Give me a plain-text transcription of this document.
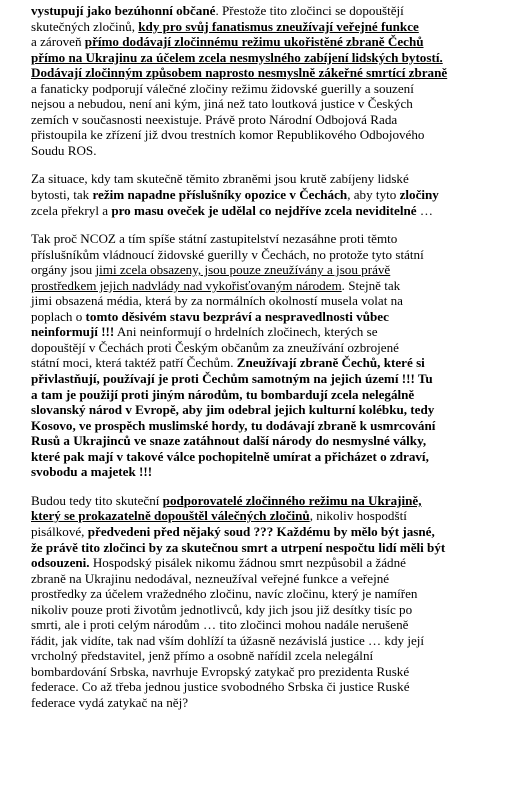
vystupují jako bezúhonní občané. Přestože tito zločinci se dopouštějí
skutečných zločinů, kdy pro svůj fanatismus zneužívají veřejné funkce
a zároveň přímo dodávají zločinnému režimu ukořistěné zbraně Čechů
přímo na Ukrajinu za účelem zcela nesmyslného zabíjení lidských bytostí.
Dodávají zločinným způsobem naprosto nesmyslně zákeřné smrtící zbraně
a fanaticky podporují válečné zločiny režimu židovské guerilly a souzení
nejsou a nebudou, není ani kým, jiná než tato loutková justice v Českých
zemích v současnosti neexistuje. Právě proto Národní Odbojová Rada
přistoupila ke zřízení již dvou trestních komor Republikového Odbojového
Soudu ROS.

Za situace, kdy tam skutečně těmito zbraněmi jsou krutě zabíjeny lidské
bytosti, tak režim napadne příslušníky opozice v Čechách, aby tyto zločiny
zcela překryl a pro masu oveček je udělal co nejdříve zcela neviditelné …

Tak proč NCOZ a tím spíše státní zastupitelství nezasáhne proti těmto
příslušníkům vládnoucí židovské guerilly v Čechách, no protože tyto státní
orgány jsou jimi zcela obsazeny, jsou pouze zneužívány a jsou právě
prostředkem jejich nadvlády nad vykořisťovaným národem. Stejně tak
jimi obsazená média, která by za normálních okolností musela volat na
poplach o tomto děsivém stavu bezpráví a nespravedlnosti vůbec
neinformují !!! Ani neinformují o hrdelních zločinech, kterých se
dopouštějí v Čechách proti Českým občanům za zneužívání ozbrojené
státní moci, která taktéž patří Čechům. Zneužívají zbraně Čechů, které si
přivlastňují, používají je proti Čechům samotným na jejich území !!! Tu
a tam je použijí proti jiným národům, tu bombardují zcela nelegálně
slovanský národ v Evropě, aby jim odebral jejich kulturní kolébku, tedy
Kosovo, ve prospěch muslimské hordy, tu dodávají zbraně k usmrcování
Rusů a Ukrajinců ve snaze zatáhnout další národy do nesmyslné války,
které pak mají v takové válce pochopitelně umírat a přicházet o zdraví,
svobodu a majetek !!!

Budou tedy tito skuteční podporovatelé zločinného režimu na Ukrajině,
který se prokazatelně dopouštěl válečných zločinů, nikoliv hospodští
pisálkové, předvedeni před nějaký soud ??? Každému by mělo být jasné,
že právě tito zločinci by za skutečnou smrt a utrpení nespočtu lidí měli být
odsouzeni. Hospodský pisálek nikomu žádnou smrt nezpůsobil a žádné
zbraně na Ukrajinu nedodával, nezneužíval veřejné funkce a veřejné
prostředky za účelem vražedného zločinu, navíc zločinu, který je namířen
nikoliv pouze proti životům jednotlivců, kdy jich jsou již desítky tisíc po
smrti, ale i proti celým národům … tito zločinci mohou nadále nerušeně
řádit, jak vidíte, tak nad vším dohlíží ta úžasně nezávislá justice … kdy její
vrcholný představitel, jenž přímo a osobně nařídil zcela nelegální
bombardování Srbska, navrhuje Evropský zatykač pro prezidenta Ruské
federace. Co až třeba jednou justice svobodného Srbska či justice Ruské
federace vydá zatykač na něj?
